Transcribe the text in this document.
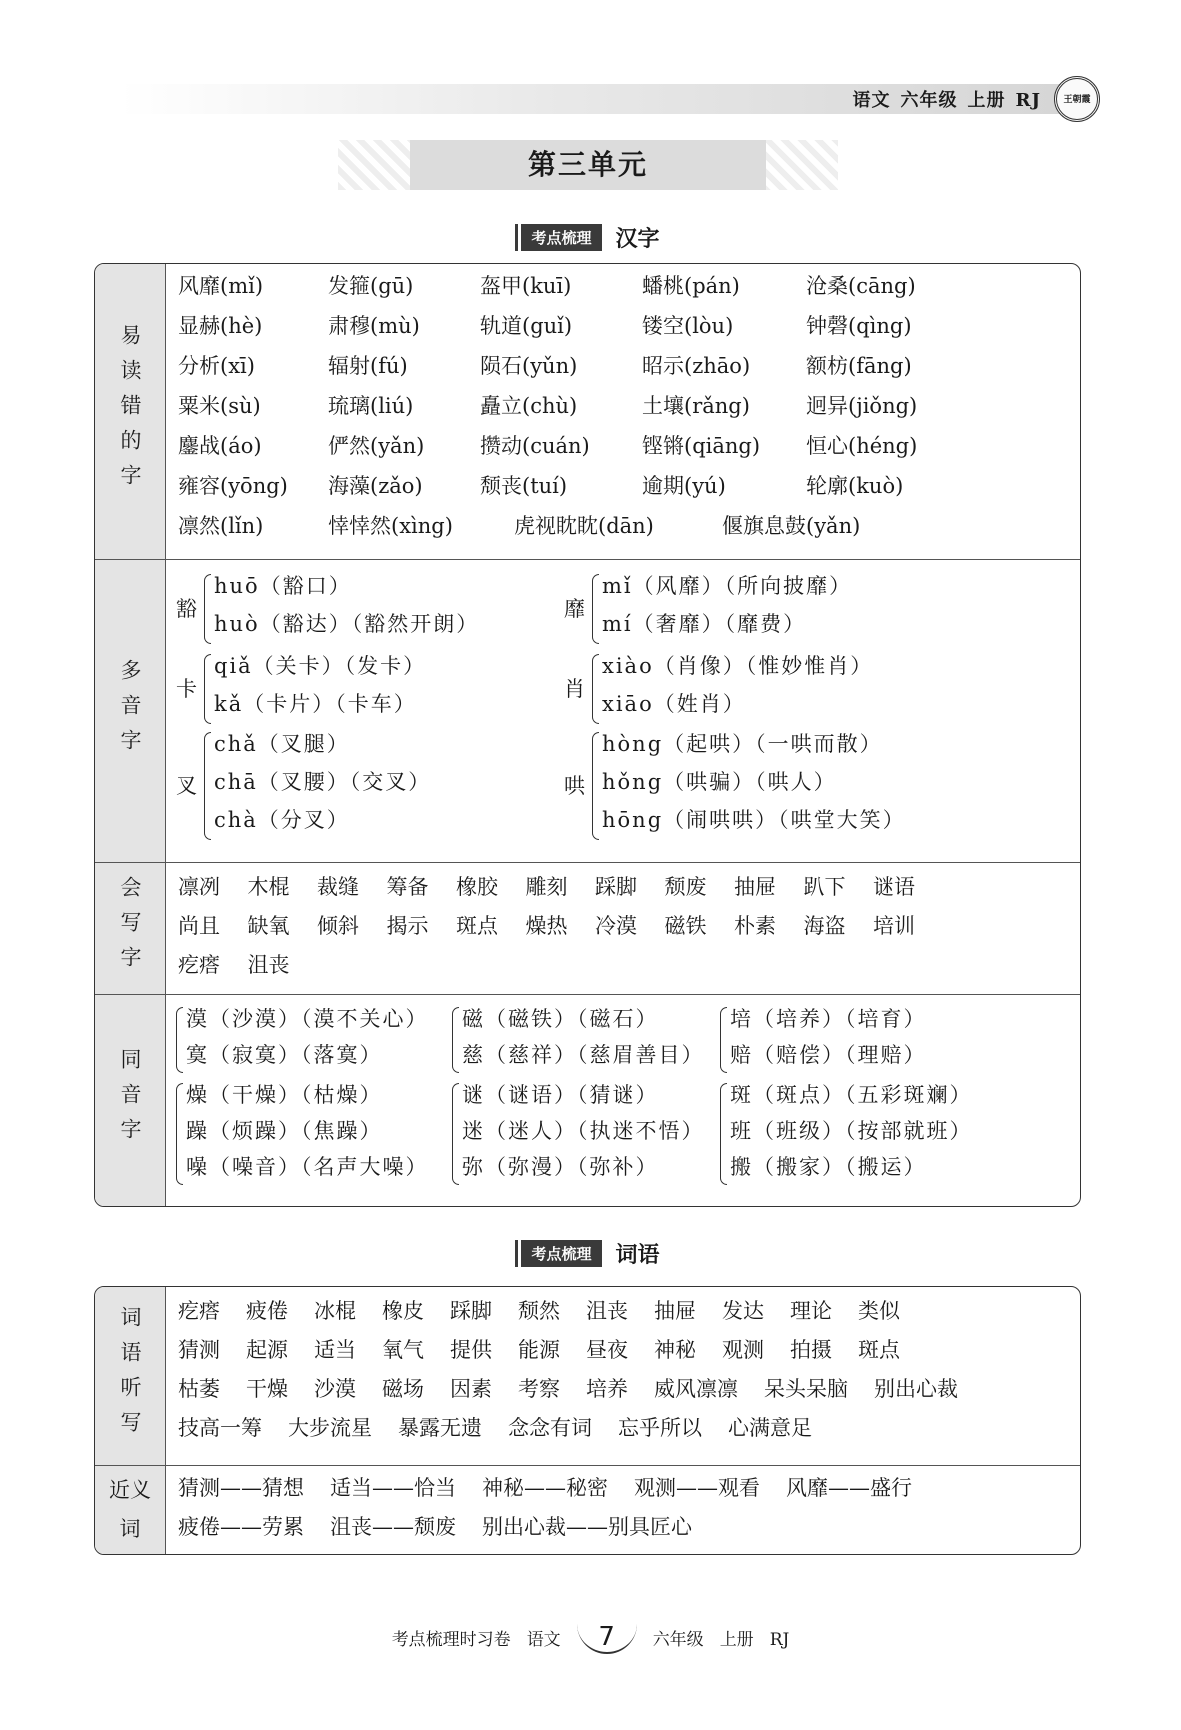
语文 六年级 上册 RJ	王朝霞
第三单元
考点梳理 汉字
易读错的字
风靡(mǐ)	发箍(gū)	盔甲(kuī)	蟠桃(pán)	沧桑(cāng)
显赫(hè)	肃穆(mù)	轨道(guǐ)	镂空(lòu)	钟磬(qìng)
分析(xī)	辐射(fú)	陨石(yǔn)	昭示(zhāo)	额枋(fāng)
粟米(sù)	琉璃(liú)	矗立(chù)	土壤(rǎng)	迥异(jiǒng)
鏖战(áo)	俨然(yǎn)	攒动(cuán) 铿锵(qiāng) 恒心(héng)
雍容(yōng) 海藻(zǎo)	颓丧(tuí)	逾期(yú)	轮廓(kuò)
凛然(lǐn)	悻悻然(xìng)	虎视眈眈(dān)	偃旗息鼓(yǎn)
多音字
豁
huō（豁口）
huò（豁达）（豁然开朗）
靡
mǐ（风靡）（所向披靡）
mí（奢靡）（靡费）
卡
qiǎ（关卡）（发卡）
kǎ（卡片）（卡车）
肖
xiào（肖像）（惟妙惟肖）
xiāo（姓肖）
叉
chǎ（叉腿）
chā（叉腰）（交叉）
chà（分叉）
哄
hòng（起哄）（一哄而散）
hǒng（哄骗）（哄人）
hōng（闹哄哄）（哄堂大笑）
会写字 凛冽 木棍 裁缝 筹备 橡胶 雕刻 踩脚 颓废 抽屉 趴下 谜语
尚且 缺氧 倾斜 揭示 斑点 燥热 冷漠 磁铁 朴素 海盗 培训
疙瘩 沮丧
同音字
漠（沙漠）（漠不关心）
寞（寂寞）（落寞）
磁（磁铁）（磁石）
慈（慈祥）（慈眉善目）
培（培养）（培育）
赔（赔偿）（理赔）
燥（干燥）（枯燥）
躁（烦躁）（焦躁）
噪（噪音）（名声大噪）
谜（谜语）（猜谜）
迷（迷人）（执迷不悟）
弥（弥漫）（弥补）
斑（斑点）（五彩斑斓）
班（班级）（按部就班）
搬（搬家）（搬运）
考点梳理 词语
词语听写 疙瘩 疲倦 冰棍 橡皮 踩脚 颓然 沮丧 抽屉 发达 理论 类似
猜测 起源 适当 氧气 提供 能源 昼夜 神秘 观测 拍摄 斑点
枯萎 干燥 沙漠 磁场 因素 考察 培养 威风凛凛 呆头呆脑 别出心裁
技高一筹 大步流星 暴露无遗 念念有词 忘乎所以 心满意足
近义
词
猜测——猜想 适当——恰当 神秘——秘密 观测——观看 风靡——盛行
疲倦——劳累 沮丧——颓废 别出心裁——别具匠心
考点梳理时习卷 语文 7 六年级 上册 RJ
